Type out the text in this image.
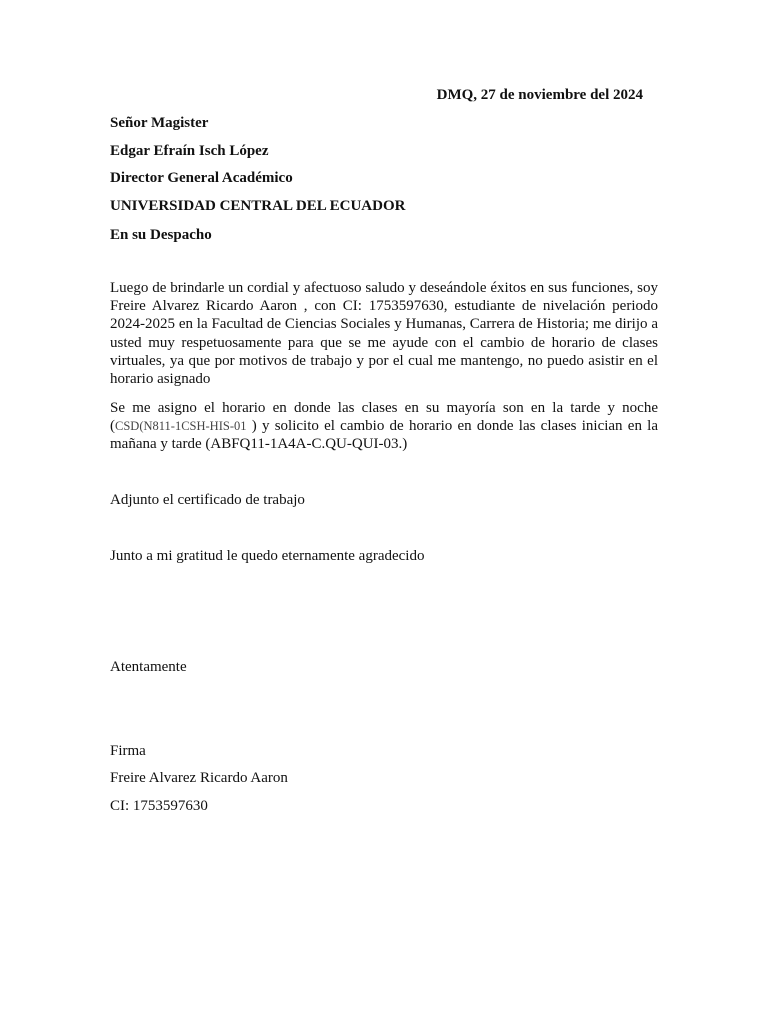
DMQ, 27 de noviembre del 2024
Señor Magister
Edgar Efraín Isch López
Director General Académico
UNIVERSIDAD CENTRAL DEL ECUADOR
En su Despacho
Luego de brindarle un cordial y afectuoso saludo y deseándole éxitos en sus funciones, soy Freire Alvarez Ricardo Aaron , con CI: 1753597630, estudiante de nivelación periodo 2024-2025 en la Facultad de Ciencias Sociales y Humanas, Carrera de Historia; me dirijo a usted muy respetuosamente para que se me ayude con el cambio de horario de clases virtuales, ya que por motivos de trabajo y por el cual me mantengo, no puedo asistir en el horario asignado
Se me asigno el horario en donde las clases en su mayoría son en la tarde y noche (CSD(N811-1CSH-HIS-01 ) y solicito el cambio de horario en donde las clases inician en la mañana y tarde (ABFQ11-1A4A-C.QU-QUI-03.)
Adjunto el certificado de trabajo
Junto a mi gratitud le quedo eternamente agradecido
Atentamente
Firma
Freire Alvarez Ricardo Aaron
CI: 1753597630
